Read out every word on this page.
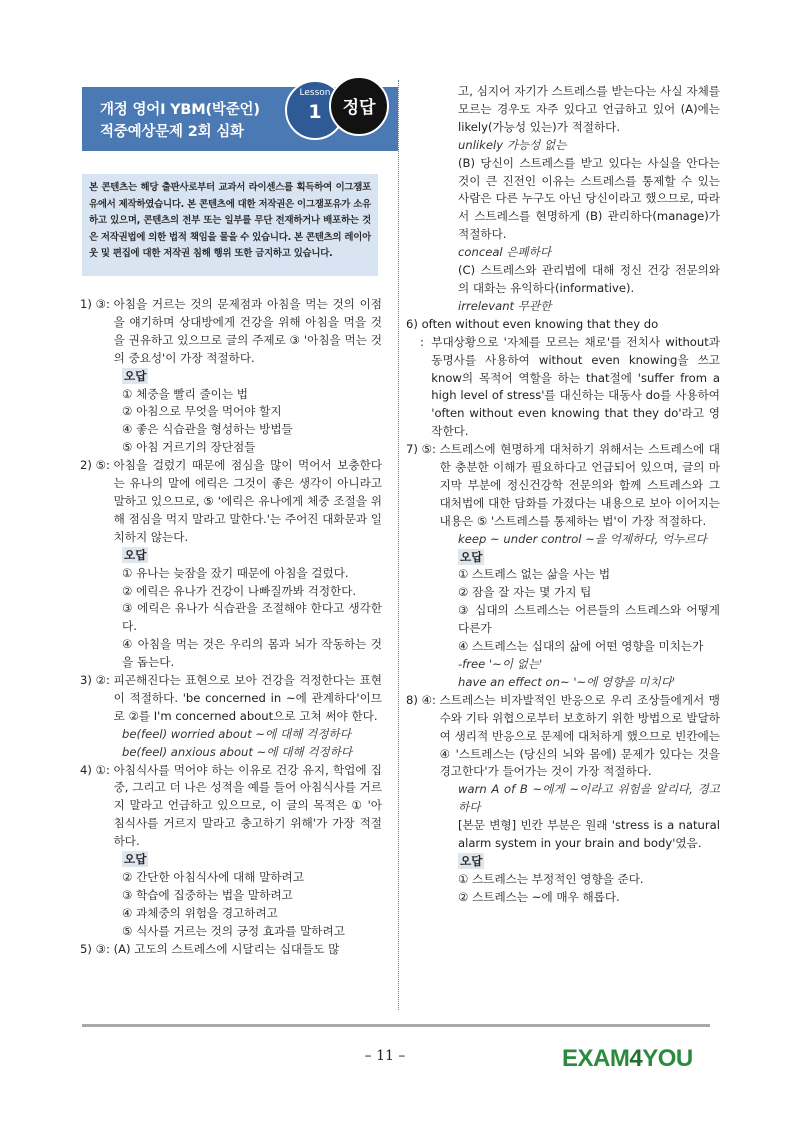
개정 영어I YBM(박준언)
적중예상문제 2회 심화
Lesson
1	정답

본 콘텐츠는 해당 출판사로부터 교과서 라이센스를 획득하여 이그잼포유에서 제작하였습니다. 본 콘텐츠에 대한 저작권은 이그잼포유가 소유하고 있으며, 콘텐츠의 전부 또는 일부를 무단 전재하거나 배포하는 것은 저작권법에 의한 법적 책임을 물을 수 있습니다. 본 콘텐츠의 레이아웃 및 편집에 대한 저작권 침해 행위 또한 금지하고 있습니다.

1) ③: 아침을 거르는 것의 문제점과 아침을 먹는 것의 이점을 얘기하며 상대방에게 건강을 위해 아침을 먹을 것을 권유하고 있으므로 글의 주제로 ③ '아침을 먹는 것의 중요성'이 가장 적절하다.
오답
① 체중을 빨리 줄이는 법
② 아침으로 무엇을 먹어야 할지
④ 좋은 식습관을 형성하는 방법들
⑤ 아침 거르기의 장단점들
2) ⑤: 아침을 걸렀기 때문에 점심을 많이 먹어서 보충한다는 유나의 말에 에릭은 그것이 좋은 생각이 아니라고 말하고 있으므로, ⑤ '에릭은 유나에게 체중 조절을 위해 점심을 먹지 말라고 말한다.'는 주어진 대화문과 일치하지 않는다.
오답
① 유나는 늦잠을 잤기 때문에 아침을 걸렀다.
② 에릭은 유나가 건강이 나빠질까봐 걱정한다.
③ 에릭은 유나가 식습관을 조절해야 한다고 생각한다.
④ 아침을 먹는 것은 우리의 몸과 뇌가 작동하는 것을 돕는다.
3) ②: 피곤해진다는 표현으로 보아 건강을 걱정한다는 표현이 적절하다. 'be concerned in ~에 관계하다'이므로 ②를 I'm concerned about으로 고쳐 써야 한다.
be(feel) worried about ~에 대해 걱정하다
be(feel) anxious about ~에 대해 걱정하다
4) ①: 아침식사를 먹어야 하는 이유로 건강 유지, 학업에 집중, 그리고 더 나은 성적을 예를 들어 아침식사를 거르지 말라고 언급하고 있으므로, 이 글의 목적은 ① '아침식사를 거르지 말라고 충고하기 위해'가 가장 적절하다.
오답
② 간단한 아침식사에 대해 말하려고
③ 학습에 집중하는 법을 말하려고
④ 과체중의 위험을 경고하려고
⑤ 식사를 거르는 것의 긍정 효과를 말하려고
5) ③: (A) 고도의 스트레스에 시달리는 십대들도 많
고, 심지어 자기가 스트레스를 받는다는 사실 자체를 모르는 경우도 자주 있다고 언급하고 있어 (A)에는 likely(가능성 있는)가 적절하다.
unlikely 가능성 없는
(B) 당신이 스트레스를 받고 있다는 사실을 안다는 것이 큰 진전인 이유는 스트레스를 통제할 수 있는 사람은 다른 누구도 아닌 당신이라고 했으므로, 따라서 스트레스를 현명하게 (B) 관리하다(manage)가 적절하다.
conceal 은폐하다
(C) 스트레스와 관리법에 대해 정신 건강 전문의와의 대화는 유익하다(informative).
irrelevant 무관한
6) often without even knowing that they do
: 부대상황으로 '자체를 모르는 채로'를 전치사 without과 동명사를 사용하여 without even knowing을 쓰고 know의 목적어 역할을 하는 that절에 'suffer from a high level of stress'를 대신하는 대동사 do를 사용하여 'often without even knowing that they do'라고 영작한다.
7) ⑤: 스트레스에 현명하게 대처하기 위해서는 스트레스에 대한 충분한 이해가 필요하다고 언급되어 있으며, 글의 마지막 부분에 정신건강학 전문의와 함께 스트레스와 그 대처법에 대한 담화를 가졌다는 내용으로 보아 이어지는 내용은 ⑤ '스트레스를 통제하는 법'이 가장 적절하다.
keep ~ under control ~을 억제하다, 억누르다
오답
① 스트레스 없는 삶을 사는 법
② 잠을 잘 자는 몇 가지 팁
③ 십대의 스트레스는 어른들의 스트레스와 어떻게 다른가
④ 스트레스는 십대의 삶에 어떤 영향을 미치는가
-free '~이 없는'
have an effect on~ '~에 영향을 미치다'
8) ④: 스트레스는 비자발적인 반응으로 우리 조상들에게서 맹수와 기타 위협으로부터 보호하기 위한 방법으로 발달하여 생리적 반응으로 문제에 대처하게 했으므로 빈칸에는 ④ '스트레스는 (당신의 뇌와 몸에) 문제가 있다는 것을 경고한다'가 들어가는 것이 가장 적절하다.
warn A of B ~에게 ~이라고 위험을 알리다, 경고하다
[본문 변형] 빈칸 부분은 원래 'stress is a natural alarm system in your brain and body'였음.
오답
① 스트레스는 부정적인 영향을 준다.
② 스트레스는 ~에 매우 해롭다.
– 11 –	EXAM4YOU
